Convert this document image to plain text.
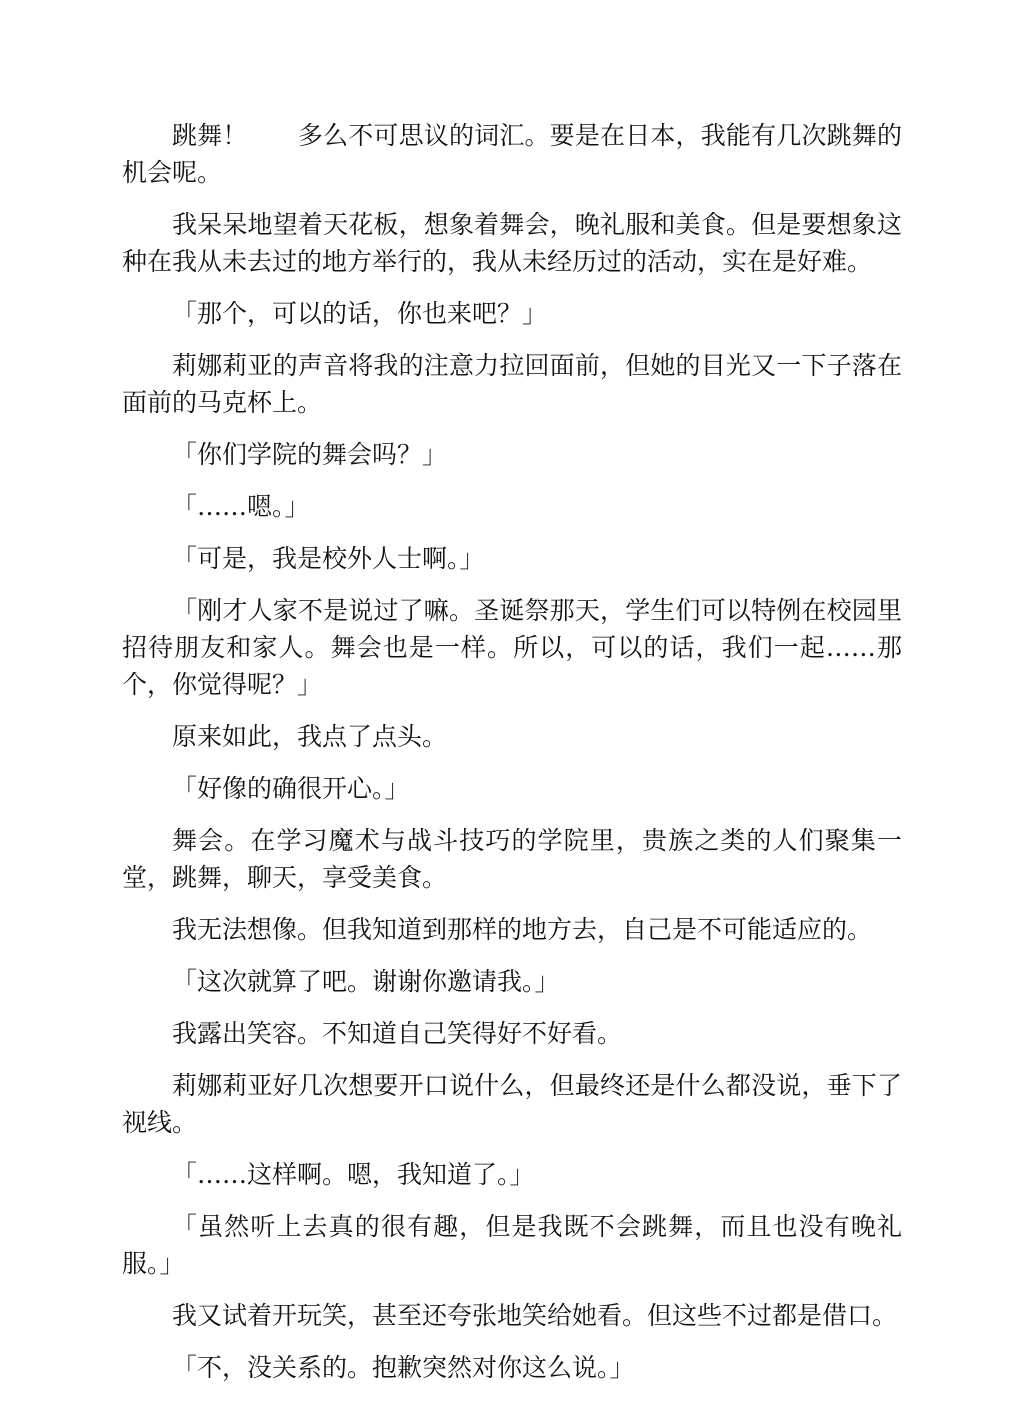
跳舞！　　多么不可思议的词汇。要是在日本，我能有几次跳舞的机会呢。

我呆呆地望着天花板，想象着舞会，晚礼服和美食。但是要想象这种在我从未去过的地方举行的，我从未经历过的活动，实在是好难。

「那个，可以的话，你也来吧？」

莉娜莉亚的声音将我的注意力拉回面前，但她的目光又一下子落在面前的马克杯上。

「你们学院的舞会吗？」

「……嗯。」

「可是，我是校外人士啊。」

「刚才人家不是说过了嘛。圣诞祭那天，学生们可以特例在校园里招待朋友和家人。舞会也是一样。所以，可以的话，我们一起……那个，你觉得呢？」

原来如此，我点了点头。

「好像的确很开心。」

舞会。在学习魔术与战斗技巧的学院里，贵族之类的人们聚集一堂，跳舞，聊天，享受美食。

我无法想像。但我知道到那样的地方去，自己是不可能适应的。

「这次就算了吧。谢谢你邀请我。」

我露出笑容。不知道自己笑得好不好看。

莉娜莉亚好几次想要开口说什么，但最终还是什么都没说，垂下了视线。

「……这样啊。嗯，我知道了。」

「虽然听上去真的很有趣，但是我既不会跳舞，而且也没有晚礼服。」

我又试着开玩笑，甚至还夸张地笑给她看。但这些不过都是借口。

「不，没关系的。抱歉突然对你这么说。」
